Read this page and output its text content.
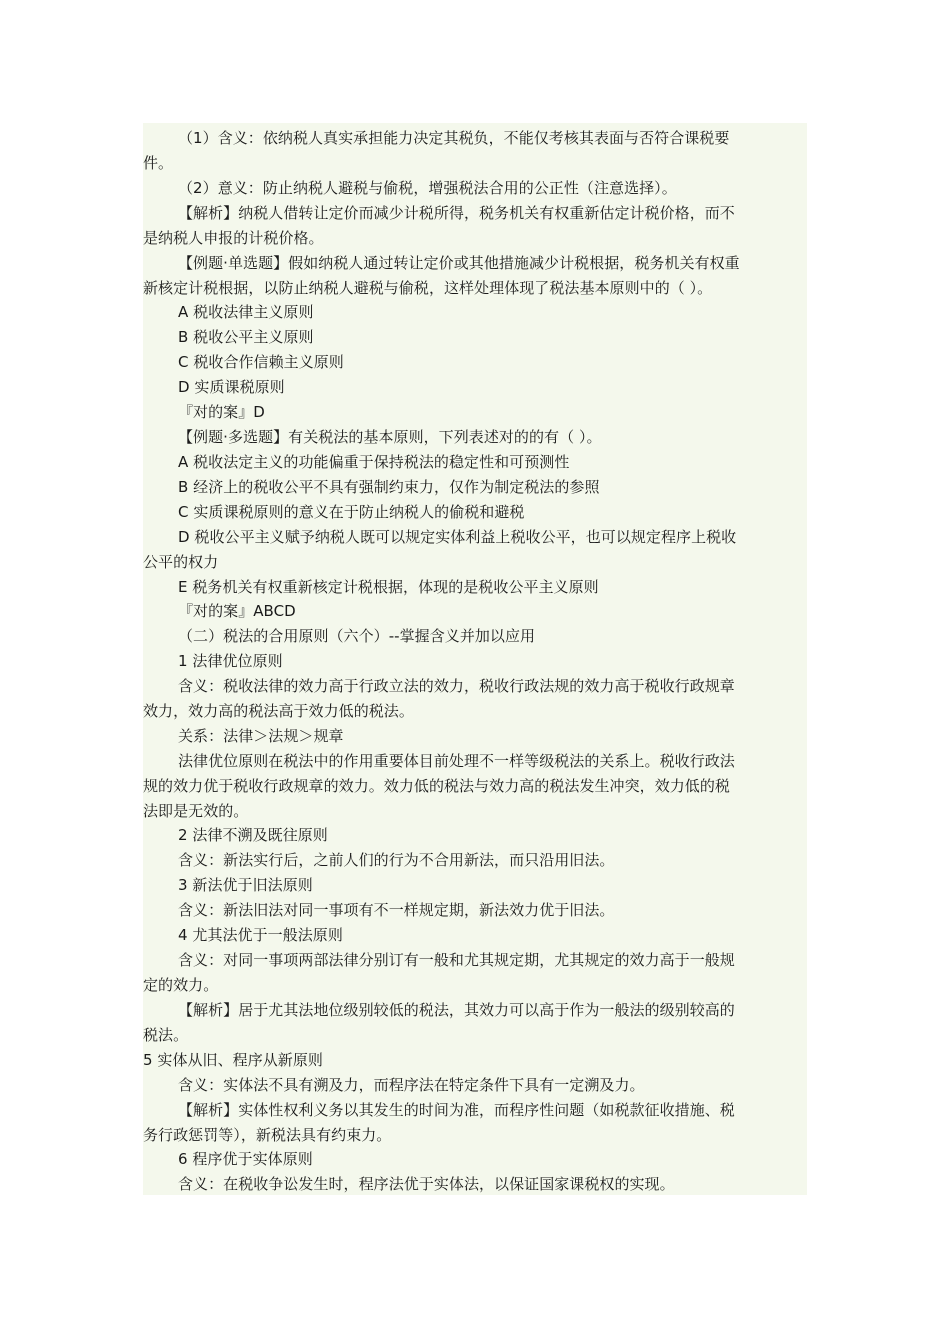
（1）含义：依纳税人真实承担能力决定其税负，不能仅考核其表面与否符合课税要
件。
（2）意义：防止纳税人避税与偷税，增强税法合用的公正性（注意选择）。
【解析】纳税人借转让定价而减少计税所得，税务机关有权重新估定计税价格，而不
是纳税人申报的计税价格。
【例题·单选题】假如纳税人通过转让定价或其他措施减少计税根据，税务机关有权重
新核定计税根据，以防止纳税人避税与偷税，这样处理体现了税法基本原则中的（ ）。
A 税收法律主义原则
B 税收公平主义原则
C 税收合作信赖主义原则
D 实质课税原则
『对的案』D
【例题·多选题】有关税法的基本原则，下列表述对的的有（ ）。
A 税收法定主义的功能偏重于保持税法的稳定性和可预测性
B 经济上的税收公平不具有强制约束力，仅作为制定税法的参照
C 实质课税原则的意义在于防止纳税人的偷税和避税
D 税收公平主义赋予纳税人既可以规定实体利益上税收公平，也可以规定程序上税收
公平的权力
E 税务机关有权重新核定计税根据，体现的是税收公平主义原则
『对的案』ABCD
（二）税法的合用原则（六个）--掌握含义并加以应用
1 法律优位原则
含义：税收法律的效力高于行政立法的效力，税收行政法规的效力高于税收行政规章
效力，效力高的税法高于效力低的税法。
关系：法律＞法规＞规章
法律优位原则在税法中的作用重要体目前处理不一样等级税法的关系上。税收行政法
规的效力优于税收行政规章的效力。效力低的税法与效力高的税法发生冲突，效力低的税
法即是无效的。
2 法律不溯及既往原则
含义：新法实行后，之前人们的行为不合用新法，而只沿用旧法。
3 新法优于旧法原则
含义：新法旧法对同一事项有不一样规定期，新法效力优于旧法。
4 尤其法优于一般法原则
含义：对同一事项两部法律分别订有一般和尤其规定期，尤其规定的效力高于一般规
定的效力。
【解析】居于尤其法地位级别较低的税法，其效力可以高于作为一般法的级别较高的
税法。
5 实体从旧、程序从新原则
含义：实体法不具有溯及力，而程序法在特定条件下具有一定溯及力。
【解析】实体性权利义务以其发生的时间为准，而程序性问题（如税款征收措施、税
务行政惩罚等），新税法具有约束力。
6 程序优于实体原则
含义：在税收争讼发生时，程序法优于实体法，以保证国家课税权的实现。
